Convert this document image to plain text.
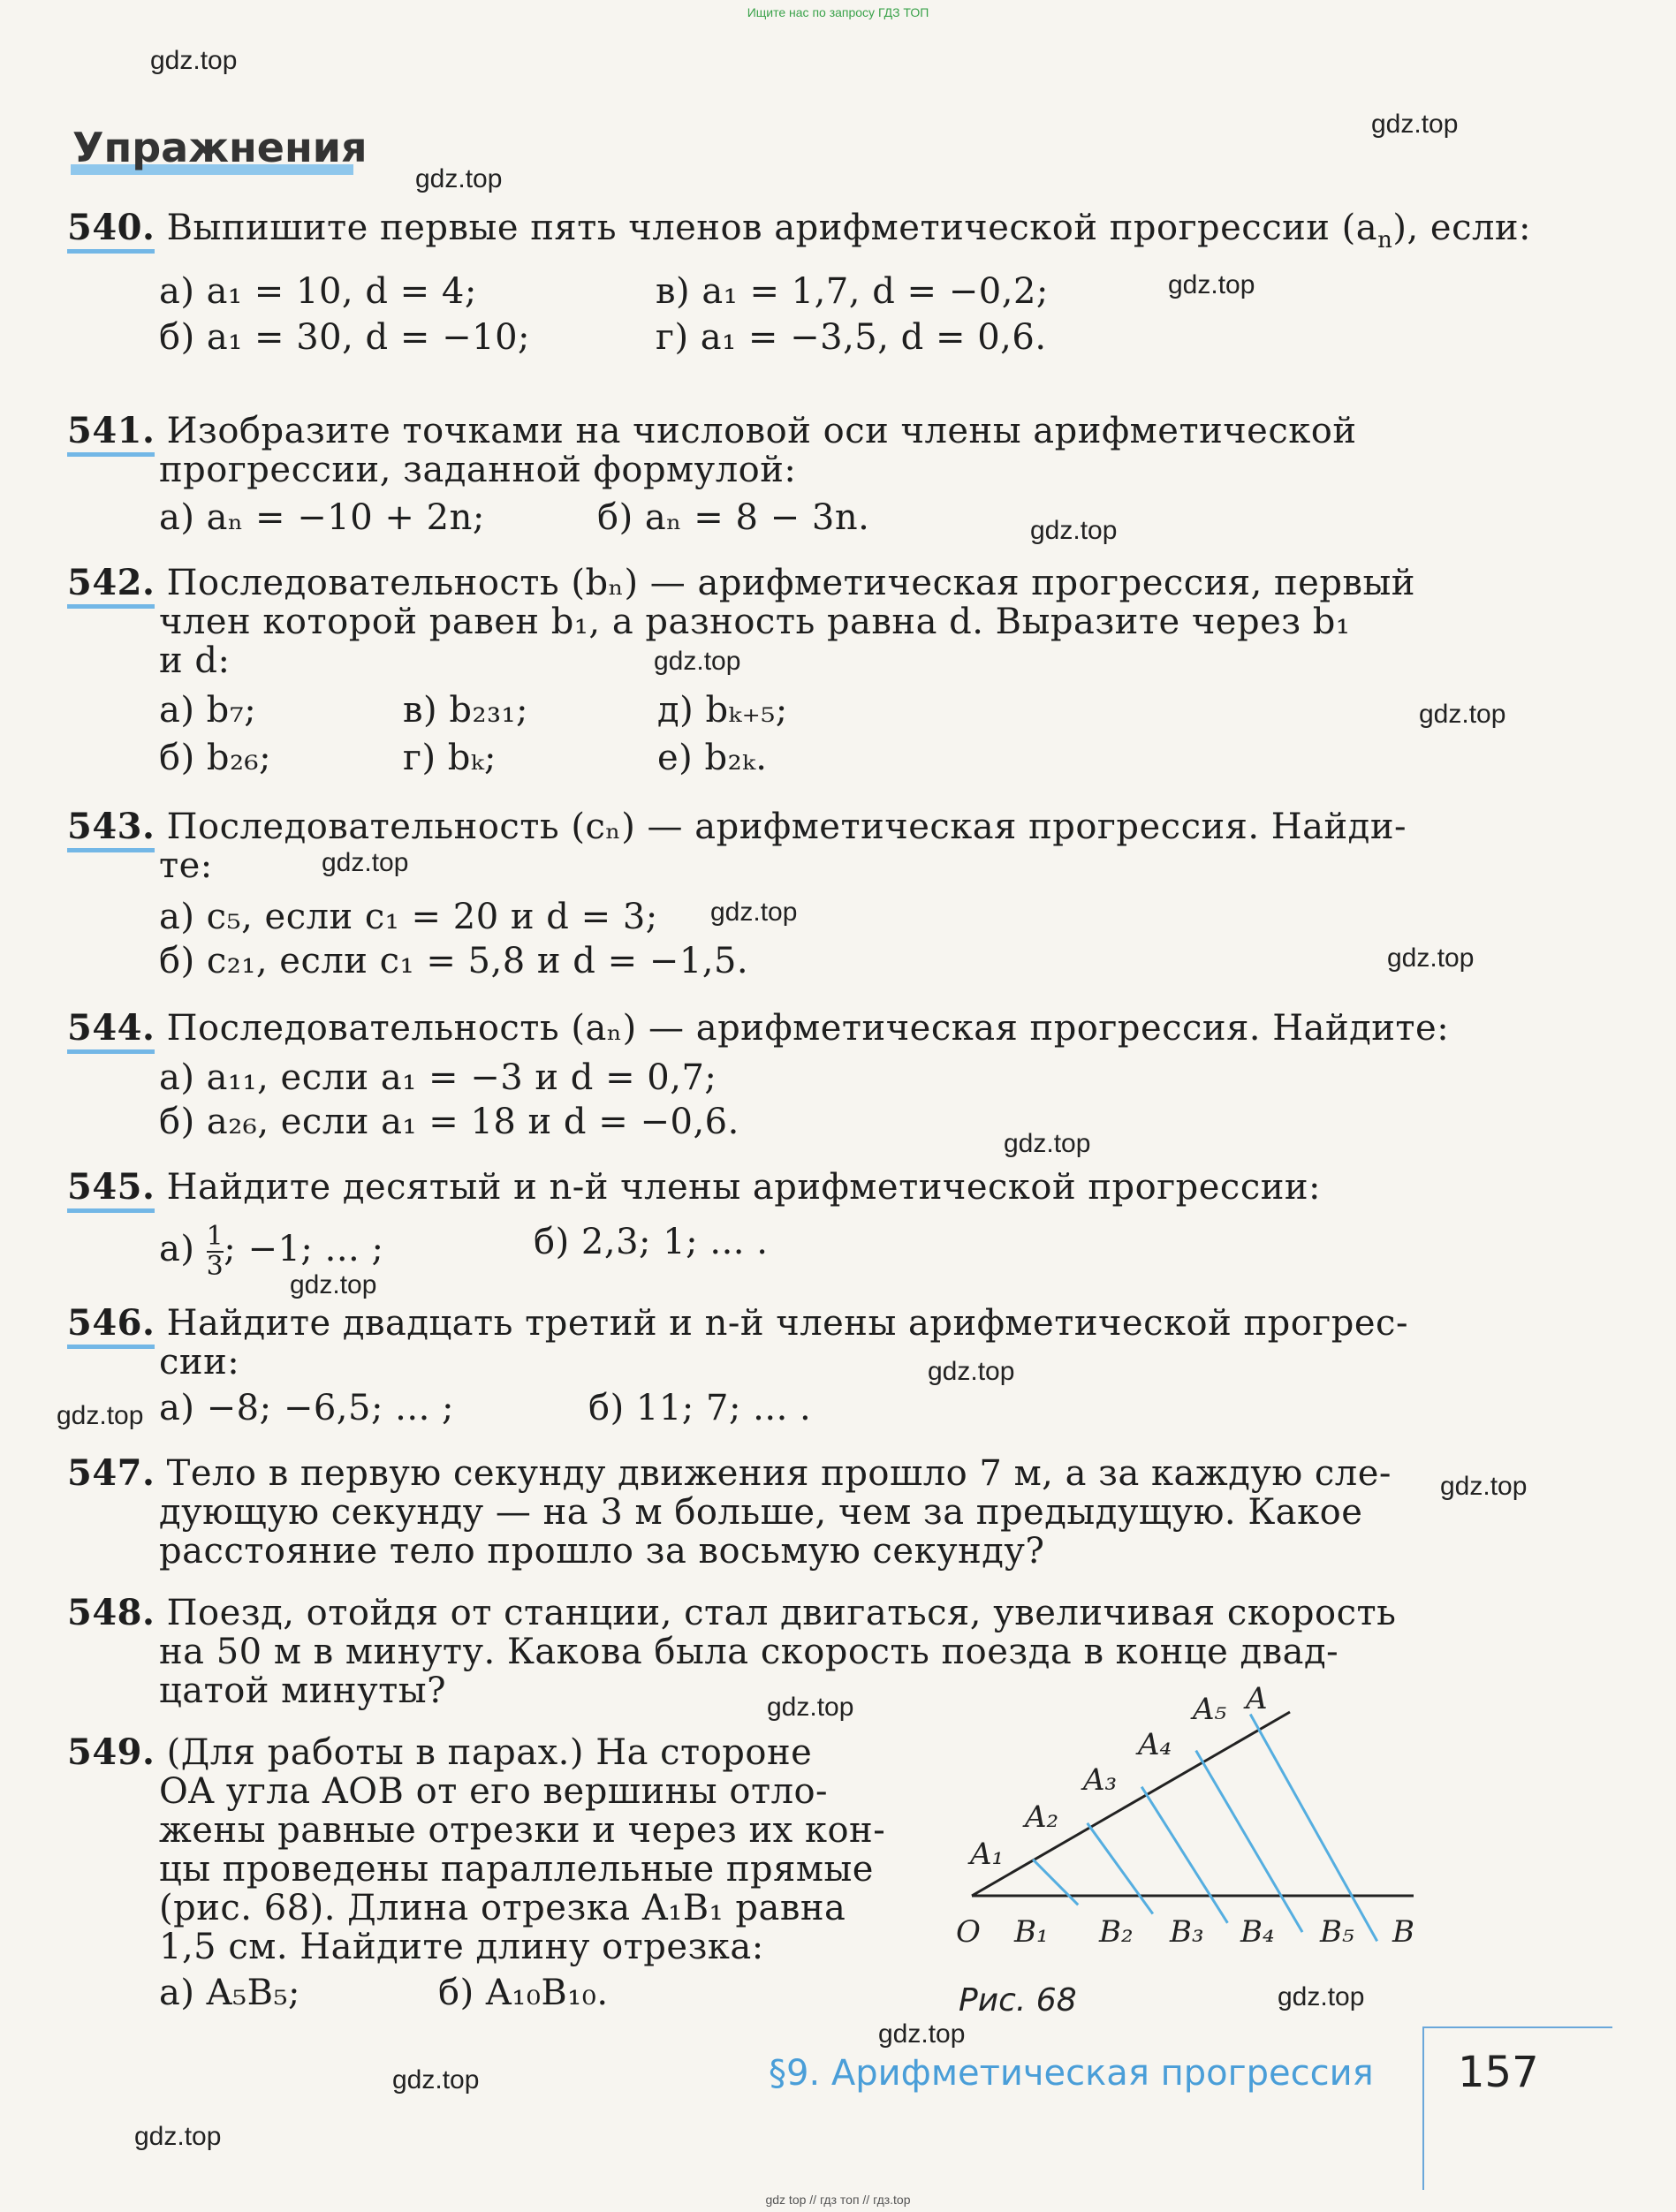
Ищите нас по запросу ГДЗ ТОП
gdz.top
gdz.top
gdz.top
gdz.top
gdz.top
gdz.top
gdz.top
gdz.top
gdz.top
gdz.top
gdz.top
gdz.top
gdz.top
gdz.top
gdz.top
gdz.top
gdz.top
gdz.top
gdz.top
gdz.top
Упражнения
540. Выпишите первые пять членов арифметической прогрессии $(a_n)$, если:
а) a₁ = 10, d = 4;	в) a₁ = 1,7, d = −0,2;
б) a₁ = 30, d = −10;	г) a₁ = −3,5, d = 0,6.
541. Изобразите точками на числовой оси члены арифметической
прогрессии, заданной формулой:
а) aₙ = −10 + 2n;	б) aₙ = 8 − 3n.
542. Последовательность (bₙ) — арифметическая прогрессия, первый
член которой равен b₁, а разность равна d. Выразите через b₁
и d:
а) b₇;	в) b₂₃₁;	д) bₖ₊₅;
б) b₂₆;	г) bₖ;	е) b₂ₖ.
543. Последовательность (cₙ) — арифметическая прогрессия. Найди-
те:
а) c₅, если c₁ = 20 и d = 3;
б) c₂₁, если c₁ = 5,8 и d = −1,5.
544. Последовательность (aₙ) — арифметическая прогрессия. Найдите:
а) a₁₁, если a₁ = −3 и d = 0,7;
б) a₂₆, если a₁ = 18 и d = −0,6.
545. Найдите десятый и n-й члены арифметической прогрессии:
$а) \frac{1}{3}$ ; −1; ... ;	б) 2,3; 1; ... .
546. Найдите двадцать третий и n-й члены арифметической прогрес-
сии:
а) −8; −6,5; ... ;	б) 11; 7; ... .
547. Тело в первую секунду движения прошло 7 м, а за каждую сле-
дующую секунду — на 3 м больше, чем за предыдущую. Какое
расстояние тело прошло за восьмую секунду?
548. Поезд, отойдя от станции, стал двигаться, увеличивая скорость
на 50 м в минуту. Какова была скорость поезда в конце двад-
цатой минуты?
549. (Для работы в парах.) На стороне
OA угла AOB от его вершины отло-
жены равные отрезки и через их кон-
цы проведены параллельные прямые
(рис. 68). Длина отрезка A₁B₁ равна
1,5 см. Найдите длину отрезка:
а) A₅B₅;	б) A₁₀B₁₀.
O
A
B
A₁
A₂
A₃
A₄
A₅
B₁ B₂ B₃ B₄ B₅
Рис. 68
§9. Арифметическая прогрессия 157
gdz top // гдз топ // гдз.top
